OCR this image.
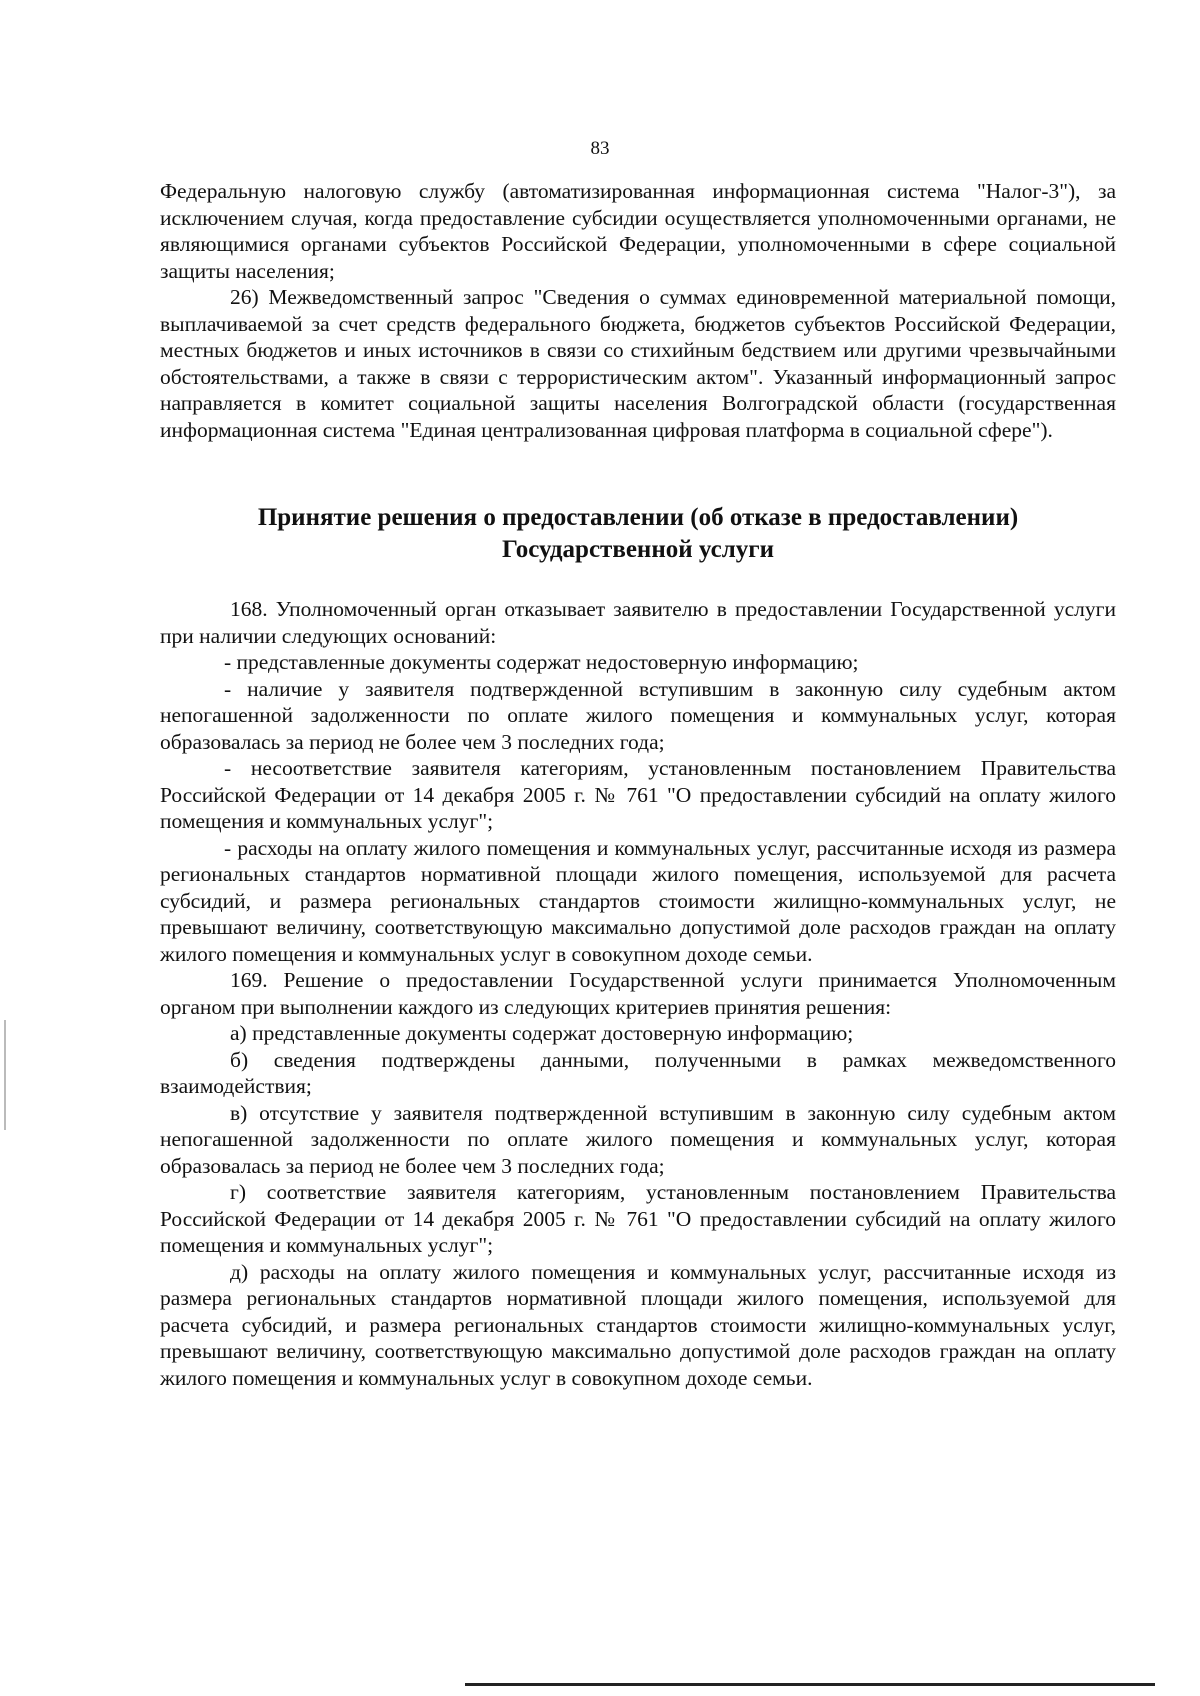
83

Федеральную налоговую службу (автоматизированная информационная система "Налог-3"), за исключением случая, когда предоставление субсидии осуществляется уполномоченными органами, не являющимися органами субъектов Российской Федерации, уполномоченными в сфере социальной защиты населения;

26) Межведомственный запрос "Сведения о суммах единовременной материальной помощи, выплачиваемой за счет средств федерального бюджета, бюджетов субъектов Российской Федерации, местных бюджетов и иных источников в связи со стихийным бедствием или другими чрезвычайными обстоятельствами, а также в связи с террористическим актом". Указанный информационный запрос направляется в комитет социальной защиты населения Волгоградской области (государственная информационная система "Единая централизованная цифровая платформа в социальной сфере").

Принятие решения о предоставлении (об отказе в предоставлении)
Государственной услуги

168. Уполномоченный орган отказывает заявителю в предоставлении Государственной услуги при наличии следующих оснований:

- представленные документы содержат недостоверную информацию;

- наличие у заявителя подтвержденной вступившим в законную силу судебным актом непогашенной задолженности по оплате жилого помещения и коммунальных услуг, которая образовалась за период не более чем 3 последних года;

- несоответствие заявителя категориям, установленным постановлением Правительства Российской Федерации от 14 декабря 2005 г. № 761 "О предоставлении субсидий на оплату жилого помещения и коммунальных услуг";

- расходы на оплату жилого помещения и коммунальных услуг, рассчитанные исходя из размера региональных стандартов нормативной площади жилого помещения, используемой для расчета субсидий, и размера региональных стандартов стоимости жилищно-коммунальных услуг, не превышают величину, соответствующую максимально допустимой доле расходов граждан на оплату жилого помещения и коммунальных услуг в совокупном доходе семьи.

169. Решение о предоставлении Государственной услуги принимается Уполномоченным органом при выполнении каждого из следующих критериев принятия решения:

а) представленные документы содержат достоверную информацию;

б) сведения подтверждены данными, полученными в рамках межведомственного взаимодействия;

в) отсутствие у заявителя подтвержденной вступившим в законную силу судебным актом непогашенной задолженности по оплате жилого помещения и коммунальных услуг, которая образовалась за период не более чем 3 последних года;

г) соответствие заявителя категориям, установленным постановлением Правительства Российской Федерации от 14 декабря 2005 г. № 761 "О предоставлении субсидий на оплату жилого помещения и коммунальных услуг";

д) расходы на оплату жилого помещения и коммунальных услуг, рассчитанные исходя из размера региональных стандартов нормативной площади жилого помещения, используемой для расчета субсидий, и размера региональных стандартов стоимости жилищно-коммунальных услуг, превышают величину, соответствующую максимально допустимой доле расходов граждан на оплату жилого помещения и коммунальных услуг в совокупном доходе семьи.
